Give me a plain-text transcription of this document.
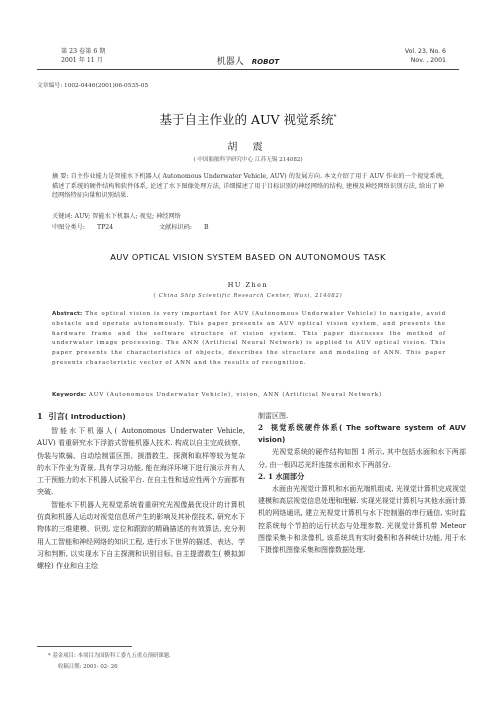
第 23 卷第 6 期
2001 年 11 月	机器人 ROBOT
Vol. 23, No. 6
Nov. , 2001
文章编号: 1002-0446(2001)06-0535-05
基于自主作业的 AUV 视觉系统*
胡 震
( 中国船舶科学研究中心 江苏无锡 214082)
摘 要: 自主作业能力是智能水下机器人( Autonomous Underwater Vehicle, AUV) 的发展方向. 本文介绍了用于 AUV 作业的一个视觉系统, 描述了系统的硬件结构和软件体系, 论述了水下图像处理方法, 详细描述了用于目标识别的神经网络的结构, 建模及神经网络识别方法, 给出了神经网络特征向量和识别结果.
关键词: AUV; 智能水下机器人; 视觉; 神经网络
中图分类号: TP24	文献标识码: B
AUV OPTICAL VISION SYSTEM BASED ON AUTONOMOUS TASK
HU Zhen
( China Ship Scientific Research Center, Wuxi, 214082)
Abstract: The optical vision is very important for AUV (Autonomous Underwater Vehicle) to navigate, avoid obstacle and operate autonomously. This paper presents an AUV optical vision system, and presents the hardware frame and the software structure of vision system. This paper discusses the method of underwater image processing. The ANN (Artificial Neural Network) is applied to AUV optical vision. This paper presents the characteristics of objects, describes the structure and modeling of ANN. This paper presents characteristic vector of ANN and the results of recognition.
Keywords: AUV (Autonomous Underwater Vehicle), vision, ANN (Artificial Neural Network)
1 引言( Introduction)

智能水下机器人( Autonomous Underwater Vehicle, AUV) 看重研究水下浮游式智能机器人技术. 构成以自主完成侦察、伪装与欺骗、自动绘制雷区图、援潜救生、探测和取样等较为复杂的水下作业为背景, 具有学习功能, 能在海洋环境下进行演示并有人工干预能力的水下机器人试验平台. 在自主性和适应性两个方面都有突破.

智能水下机器人光视觉系统看重研究光视像最优设计的计算机仿真和机器人运动对视觉信息所产生的影响及其补偿技术, 研究水下物体的三维建模、识别, 定位和跟踪的精确描述的有效算法, 充分利用人工智能和神经网络的知识工程, 进行水下世界的描述、表达、学习和判断, 以实现水下自主探测和识别目标, 自主提潜救生( 模拟卸螺栓) 作业和自主绘

制雷区图.
2 视觉系统硬件体系( The software system of AUV vision)

光视觉系统的硬件结构如图 1 所示, 其中包括水面和水下两部分, 由一根四芯光纤连接水面和水下两部分.

2. 1 水面部分

水面由光视觉计算机和水面光端机组成, 光视觉计算机完成视觉建模和高层视觉信息处理和理解. 实现光视觉计算机与其他水面计算机的网络通讯, 建立光视觉计算机与水下控制器的串行通信, 实时监控系统每个节拍的运行状态与处理参数. 光视觉计算机带 Meteor 图像采集卡和录像机, 该系统具有实时叠积和各种统计功能, 用于水下摄像机图像采集和图像数据处理.

* 基金项目: 本项目为国防科工委九五重点预研课题.
收稿日期: 2001- 02- 26
